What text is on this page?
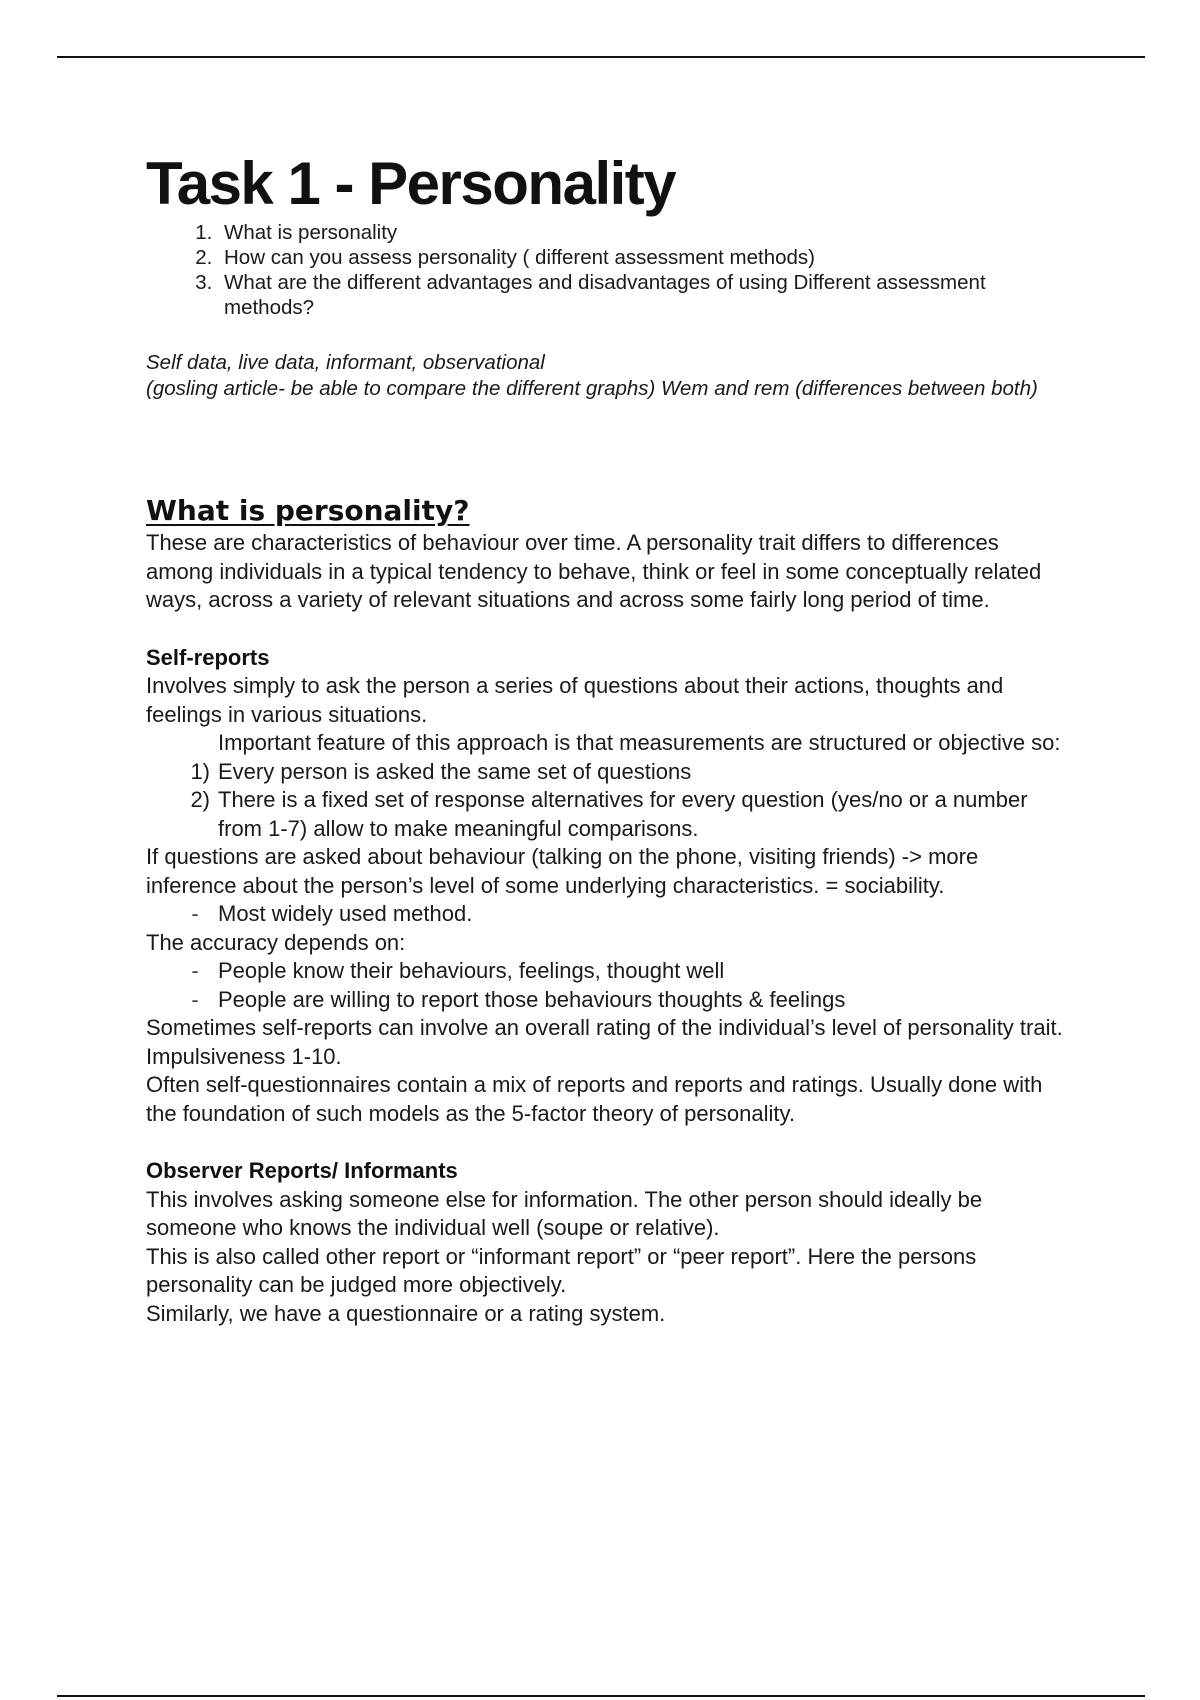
Task 1 - Personality
1. What is personality
2. How can you assess personality ( different assessment methods)
3. What are the different advantages and disadvantages of using Different assessment methods?

Self data, live data, informant, observational

(gosling article- be able to compare the different graphs) Wem and rem (differences between both)

What is personality?

These are characteristics of behaviour over time. A personality trait differs to differences among individuals in a typical tendency to behave, think or feel in some conceptually related ways, across a variety of relevant situations and across some fairly long period of time.

Self-reports

Involves simply to ask the person a series of questions about their actions, thoughts and feelings in various situations.

Important feature of this approach is that measurements are structured or objective so:

1) Every person is asked the same set of questions
2) There is a fixed set of response alternatives for every question (yes/no or a number from 1-7) allow to make meaningful comparisons.

If questions are asked about behaviour (talking on the phone, visiting friends) -> more inference about the person’s level of some underlying characteristics. = sociability.

- Most widely used method.

The accuracy depends on:

- People know their behaviours, feelings, thought well
- People are willing to report those behaviours thoughts & feelings

Sometimes self-reports can involve an overall rating of the individual’s level of personality trait.

Impulsiveness 1-10.

Often self-questionnaires contain a mix of reports and reports and ratings. Usually done with the foundation of such models as the 5-factor theory of personality.

Observer Reports/ Informants

This involves asking someone else for information. The other person should ideally be someone who knows the individual well (soupe or relative).

This is also called other report or “informant report” or “peer report”. Here the persons personality can be judged more objectively.

Similarly, we have a questionnaire or a rating system.
